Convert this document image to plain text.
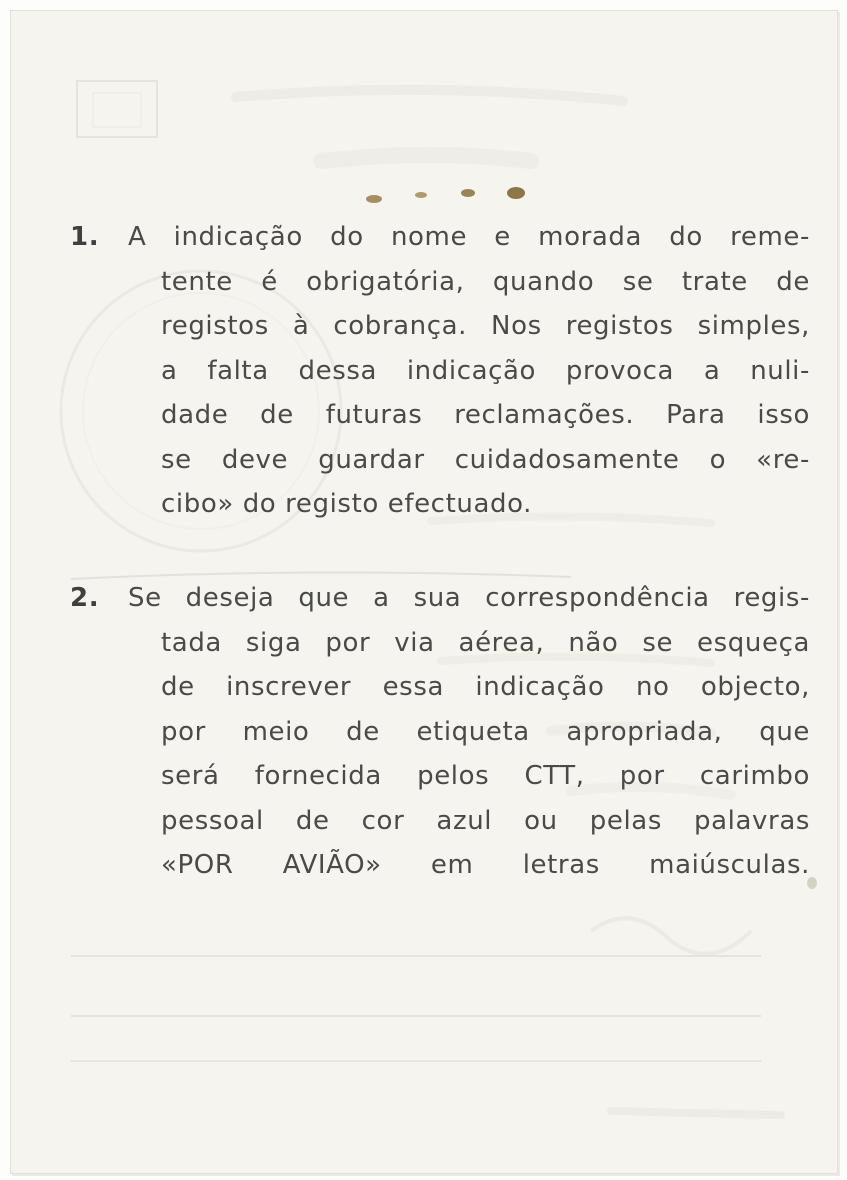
1.	A indicação do nome e morada do reme-
tente é obrigatória, quando se trate de
registos à cobrança. Nos registos simples,
a falta dessa indicação provoca a nuli-
dade de futuras reclamações. Para isso
se deve guardar cuidadosamente o «re-
cibo» do registo efectuado.
2.	Se deseja que a sua correspondência regis-
tada siga por via aérea, não se esqueça
de inscrever essa indicação no objecto,
por meio de etiqueta apropriada, que
será fornecida pelos CTT, por carimbo
pessoal de cor azul ou pelas palavras
«POR AVIÃO» em letras maiúsculas.
